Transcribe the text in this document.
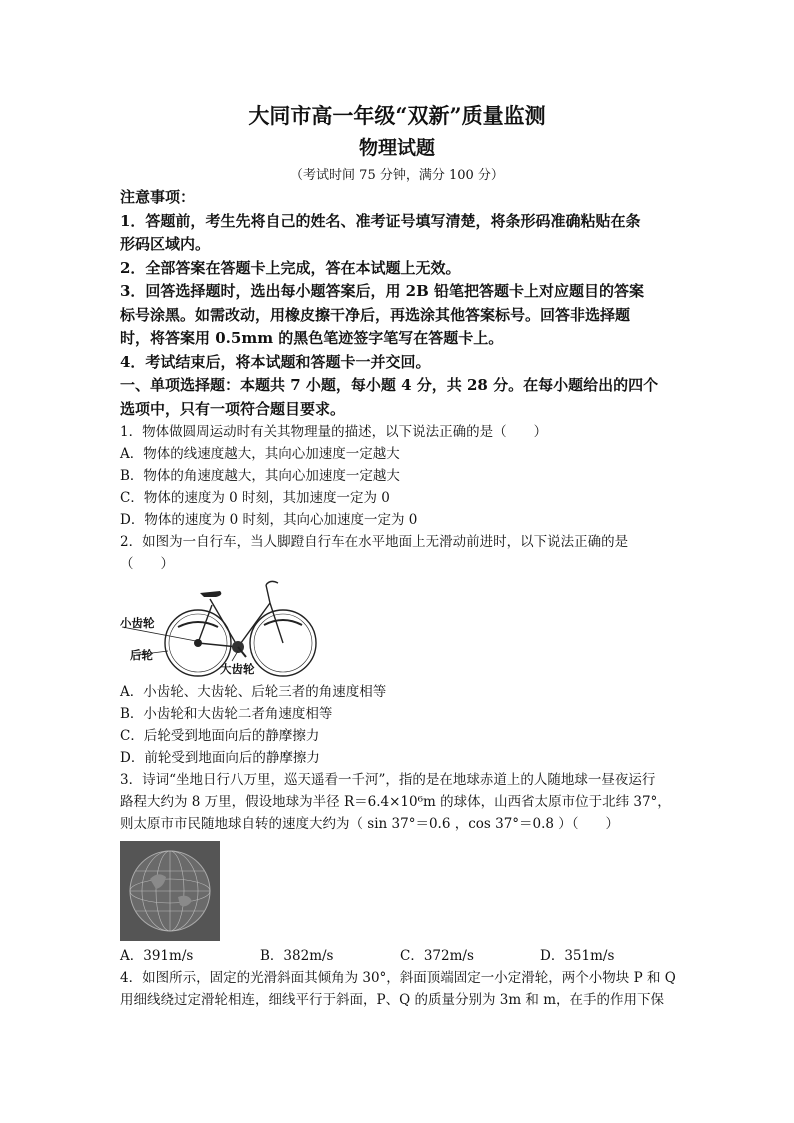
大同市高一年级“双新”质量监测
物理试题
（考试时间 75 分钟，满分 100 分）
注意事项：
1．答题前，考生先将自己的姓名、准考证号填写清楚，将条形码准确粘贴在条
形码区域内。
2．全部答案在答题卡上完成，答在本试题上无效。
3．回答选择题时，选出每小题答案后，用 2B 铅笔把答题卡上对应题目的答案
标号涂黑。如需改动，用橡皮擦干净后，再选涂其他答案标号。回答非选择题
时，将答案用 0.5mm 的黑色笔迹签字笔写在答题卡上。
4．考试结束后，将本试题和答题卡一并交回。
一、单项选择题：本题共 7 小题，每小题 4 分，共 28 分。在每小题给出的四个
选项中，只有一项符合题目要求。
1．物体做圆周运动时有关其物理量的描述，以下说法正确的是（　　）
A．物体的线速度越大，其向心加速度一定越大
B．物体的角速度越大，其向心加速度一定越大
C．物体的速度为 0 时刻，其加速度一定为 0
D．物体的速度为 0 时刻，其向心加速度一定为 0
2．如图为一自行车，当人脚蹬自行车在水平地面上无滑动前进时，以下说法正确的是
（　　）
小齿轮
后轮
大齿轮
A．小齿轮、大齿轮、后轮三者的角速度相等
B．小齿轮和大齿轮二者角速度相等
C．后轮受到地面向后的静摩擦力
D．前轮受到地面向后的静摩擦力
3．诗词“坐地日行八万里，巡天遥看一千河”，指的是在地球赤道上的人随地球一昼夜运行
路程大约为 8 万里，假设地球为半径 R＝6.4×10⁶m 的球体，山西省太原市位于北纬 37°，
则太原市市民随地球自转的速度大约为（ sin 37°＝0.6 ，cos 37°＝0.8 ）（　　）
A．391m/s	B．382m/s	C．372m/s	D．351m/s
4．如图所示，固定的光滑斜面其倾角为 30°，斜面顶端固定一小定滑轮，两个小物块 P 和 Q
用细线绕过定滑轮相连，细线平行于斜面，P、Q 的质量分别为 3m 和 m，在手的作用下保
